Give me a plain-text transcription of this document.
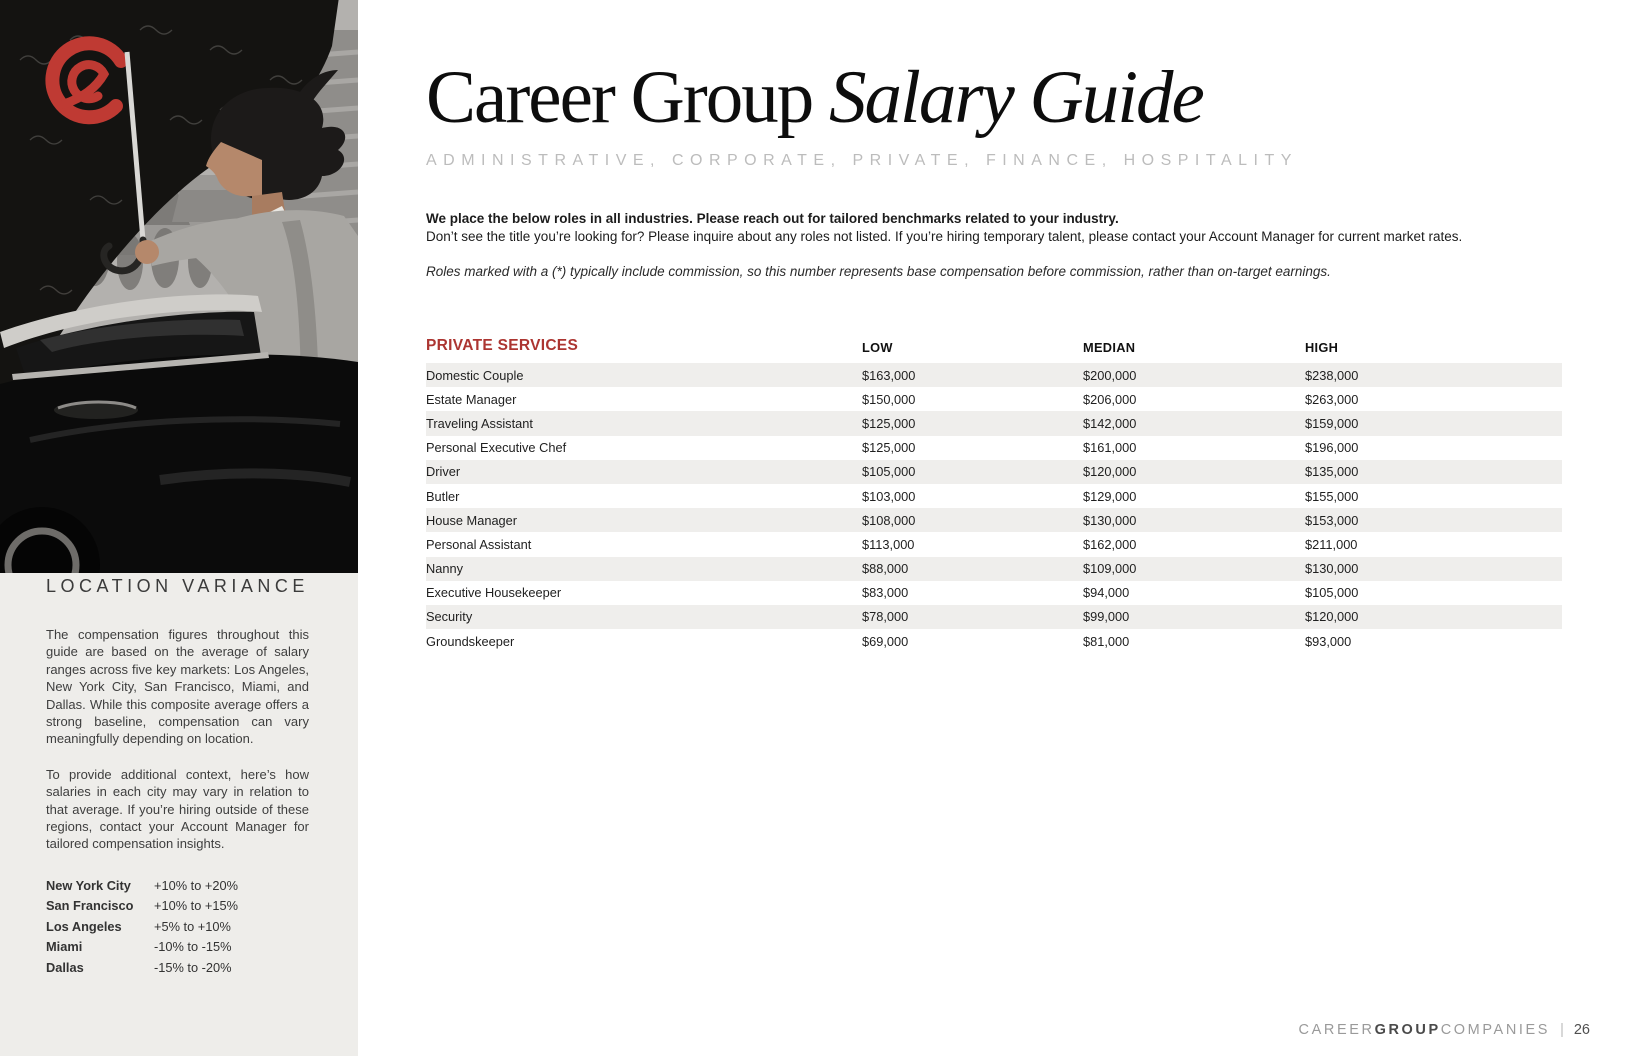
LOCATION VARIANCE

The compensation figures throughout this guide are based on the average of salary ranges across five key markets: Los Angeles, New York City, San Francisco, Miami, and Dallas. While this composite average offers a strong baseline, compensation can vary meaningfully depending on location.

To provide additional context, here’s how salaries in each city may vary in relation to that average. If you’re hiring outside of these regions, contact your Account Manager for tailored compensation insights.

New York City	+10% to +20%
San Francisco	+10% to +15%
Los Angeles	+5% to +10%
Miami	-10% to -15%
Dallas	-15% to -20%
Career Group Salary Guide
ADMINISTRATIVE, CORPORATE, PRIVATE, FINANCE, HOSPITALITY

We place the below roles in all industries. Please reach out for tailored benchmarks related to your industry.

Don’t see the title you’re looking for? Please inquire about any roles not listed. If you’re hiring temporary talent, please contact your Account Manager for current market rates.

Roles marked with a (*) typically include commission, so this number represents base compensation before commission, rather than on-target earnings.

PRIVATE SERVICES	LOW	MEDIAN	HIGH
Domestic Couple	$163,000	$200,000	$238,000
Estate Manager	$150,000	$206,000	$263,000
Traveling Assistant	$125,000	$142,000	$159,000
Personal Executive Chef	$125,000	$161,000	$196,000
Driver	$105,000	$120,000	$135,000
Butler	$103,000	$129,000	$155,000
House Manager	$108,000	$130,000	$153,000
Personal Assistant	$113,000	$162,000	$211,000
Nanny	$88,000	$109,000	$130,000
Executive Housekeeper	$83,000	$94,000	$105,000
Security	$78,000	$99,000	$120,000
Groundskeeper	$69,000	$81,000	$93,000
CAREER GROUP COMPANIES | 26
